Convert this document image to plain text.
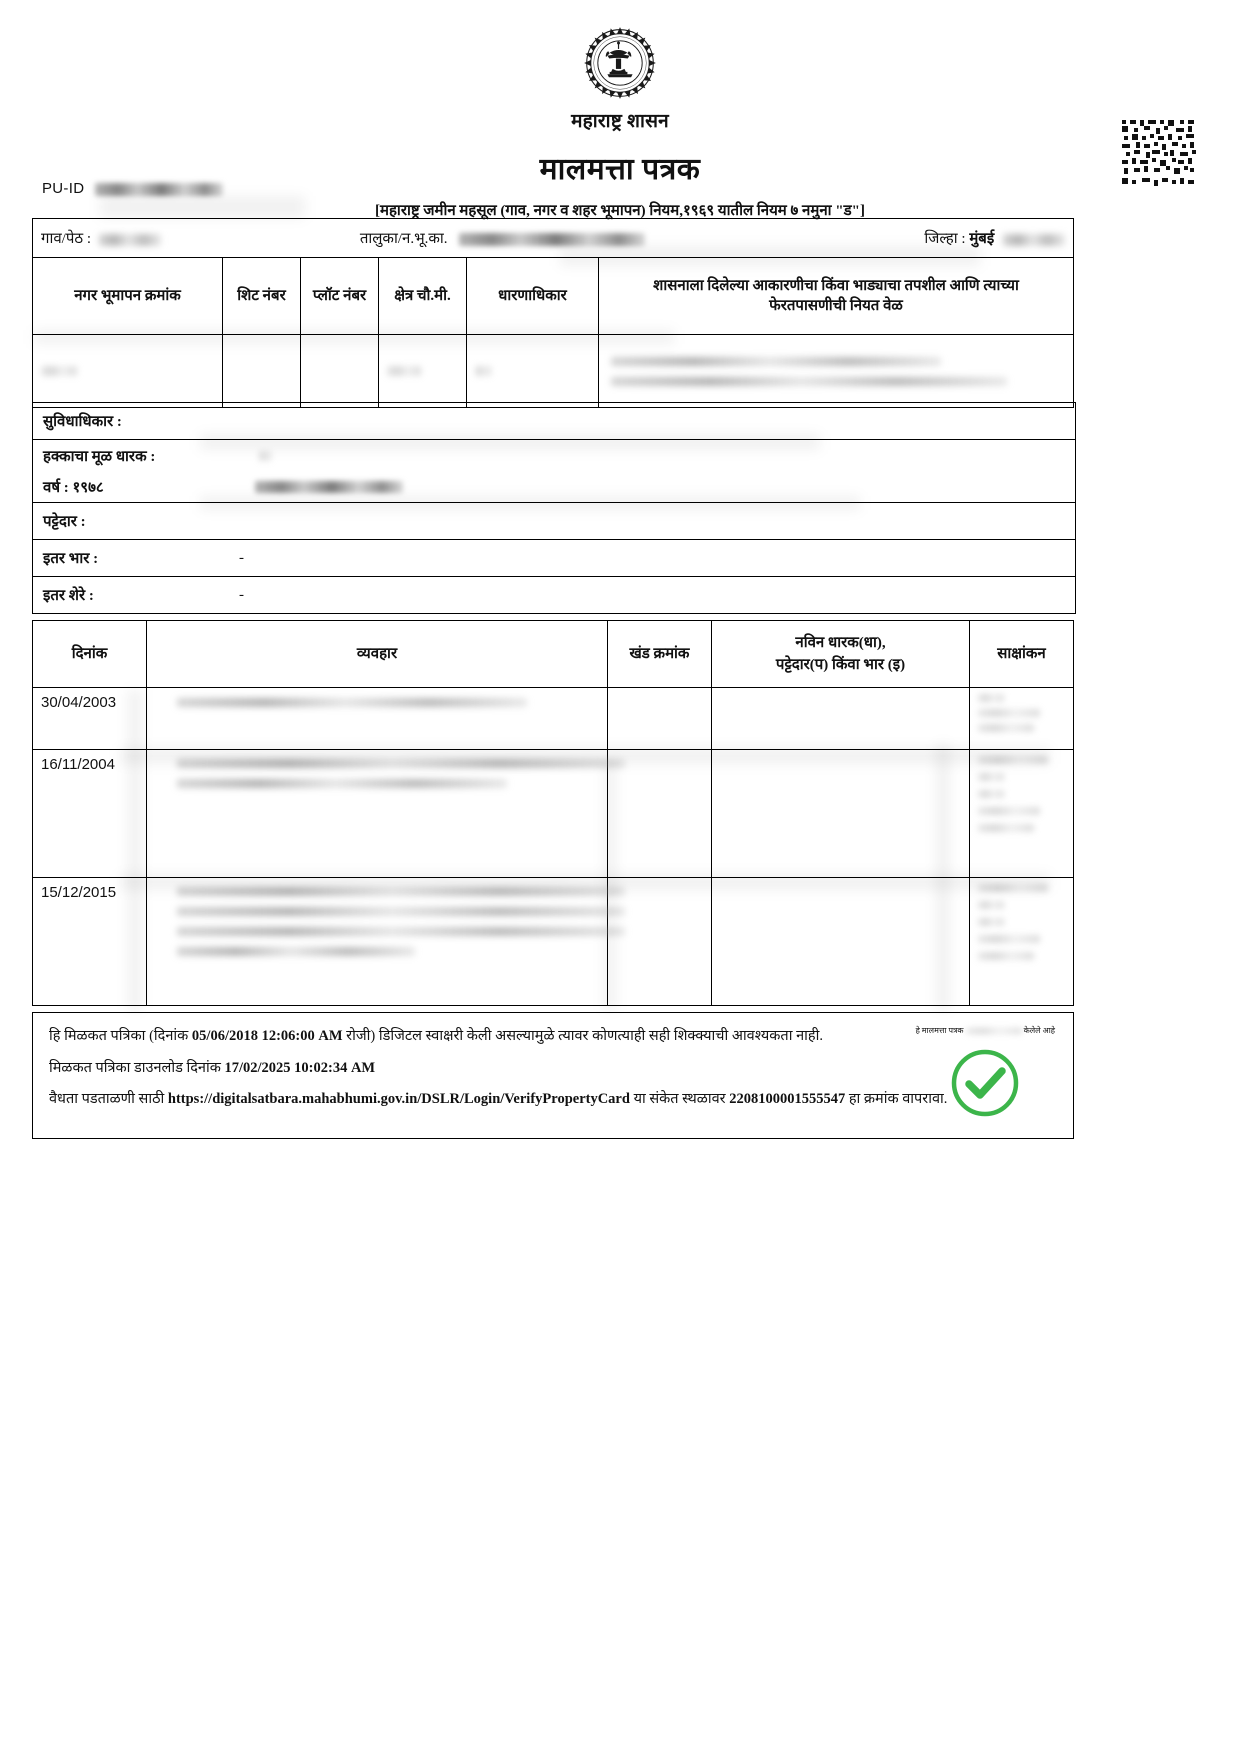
महाराष्ट्र शासन
मालमत्ता पत्रक
[महाराष्ट्र जमीन महसूल (गाव, नगर व शहर भूमापन) नियम,१९६९ यातील नियम ७ नमुना "ड"]
PU-ID
गाव/पेठ : तालुका/न.भू.का. जिल्हा : मुंबई					

नगर भूमापन क्रमांक	शिट नंबर	प्लॉट नंबर	क्षेत्र चौ.मी.	धारणाधिकार	शासनाला दिलेल्या आकारणीचा किंवा भाड्याचा तपशील आणि त्याच्या फेरतपासणीची नियत वेळ

सुविधाधिकार :
हक्काचा मूळ धारक :
वर्ष : १९७८
पट्टेदार :
इतर भार :	-
इतर शेरे :	-
दिनांक	व्यवहार	खंड क्रमांक	नविन धारक(धा),
पट्टेदार(प) किंवा भार (इ)	साक्षांकन
30/04/2003	

16/11/2004	

15/12/2015	

हि मिळकत पत्रिका (दिनांक 05/06/2018 12:06:00 AM रोजी) डिजिटल स्वाक्षरी केली असल्यामुळे त्यावर कोणत्याही सही शिक्क्याची आवश्यकता नाही.

मिळकत पत्रिका डाउनलोड दिनांक 17/02/2025 10:02:34 AM

वैधता पडताळणी साठी https://digitalsatbara.mahabhumi.gov.in/DSLR/Login/VerifyPropertyCard या संकेत स्थळावर 2208100001555547 हा क्रमांक वापरावा.

हे मालमत्ता पत्रक	केलेले आहे
